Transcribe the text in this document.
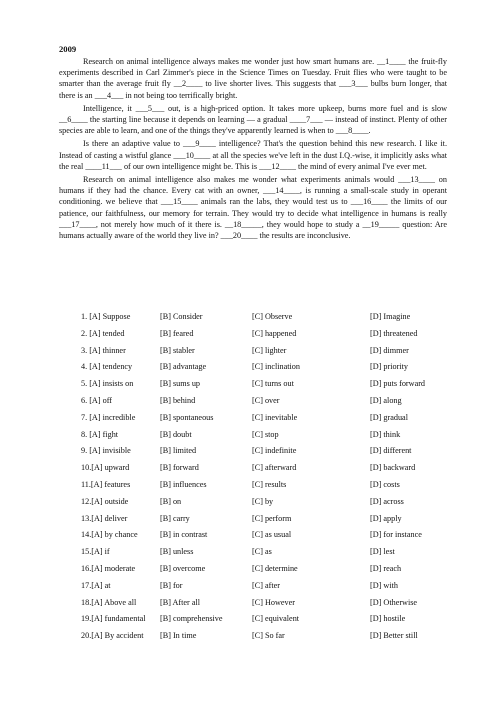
2009

Research on animal intelligence always makes me wonder just how smart humans are. __1____ the fruit-fly experiments described in Carl Zimmer's piece in the Science Times on Tuesday. Fruit flies who were taught to be smarter than the average fruit fly __2____ to live shorter lives. This suggests that ___3___ bulbs burn longer, that there is an ___4___ in not being too terrifically bright.

Intelligence, it ___5___ out, is a high-priced option. It takes more upkeep, burns more fuel and is slow __6____ the starting line because it depends on learning — a gradual ____7___ — instead of instinct. Plenty of other species are able to learn, and one of the things they've apparently learned is when to ___8____.

Is there an adaptive value to ___9____ intelligence? That's the question behind this new research. I like it. Instead of casting a wistful glance ___10____ at all the species we've left in the dust I.Q.-wise, it implicitly asks what the real ____11___ of our own intelligence might be. This is ___12____ the mind of every animal I've ever met.

Research on animal intelligence also makes me wonder what experiments animals would ___13____ on humans if they had the chance. Every cat with an owner, ___14____, is running a small-scale study in operant conditioning. we believe that ___15____ animals ran the labs, they would test us to ___16____ the limits of our patience, our faithfulness, our memory for terrain. They would try to decide what intelligence in humans is really ___17____, not merely how much of it there is. __18_____, they would hope to study a __19_____ question: Are humans actually aware of the world they live in? ___20____ the results are inconclusive.

1. [A] Suppose	[B] Consider	[C] Observe	[D] Imagine
2. [A] tended	[B] feared	[C] happened	[D] threatened
3. [A] thinner	[B] stabler	[C] lighter	[D] dimmer
4. [A] tendency	[B] advantage	[C] inclination	[D] priority
5. [A] insists on	[B] sums up	[C] turns out	[D] puts forward
6. [A] off	[B] behind	[C] over	[D] along
7. [A] incredible	[B] spontaneous	[C] inevitable	[D] gradual
8. [A] fight	[B] doubt	[C] stop	[D] think
9. [A] invisible	[B] limited	[C] indefinite	[D] different
10.[A] upward	[B] forward	[C] afterward	[D] backward
11.[A] features	[B] influences	[C] results	[D] costs
12.[A] outside	[B] on	[C] by	[D] across
13.[A] deliver	[B] carry	[C] perform	[D] apply
14.[A] by chance	[B] in contrast	[C] as usual	[D] for instance
15.[A] if	[B] unless	[C] as	[D] lest
16.[A] moderate	[B] overcome	[C] determine	[D] reach
17.[A] at	[B] for	[C] after	[D] with
18.[A] Above all	[B] After all	[C] However	[D] Otherwise
19.[A] fundamental [B] comprehensive	[C] equivalent	[D] hostile
20.[A] By accident [B] In time	[C] So far	[D] Better still
